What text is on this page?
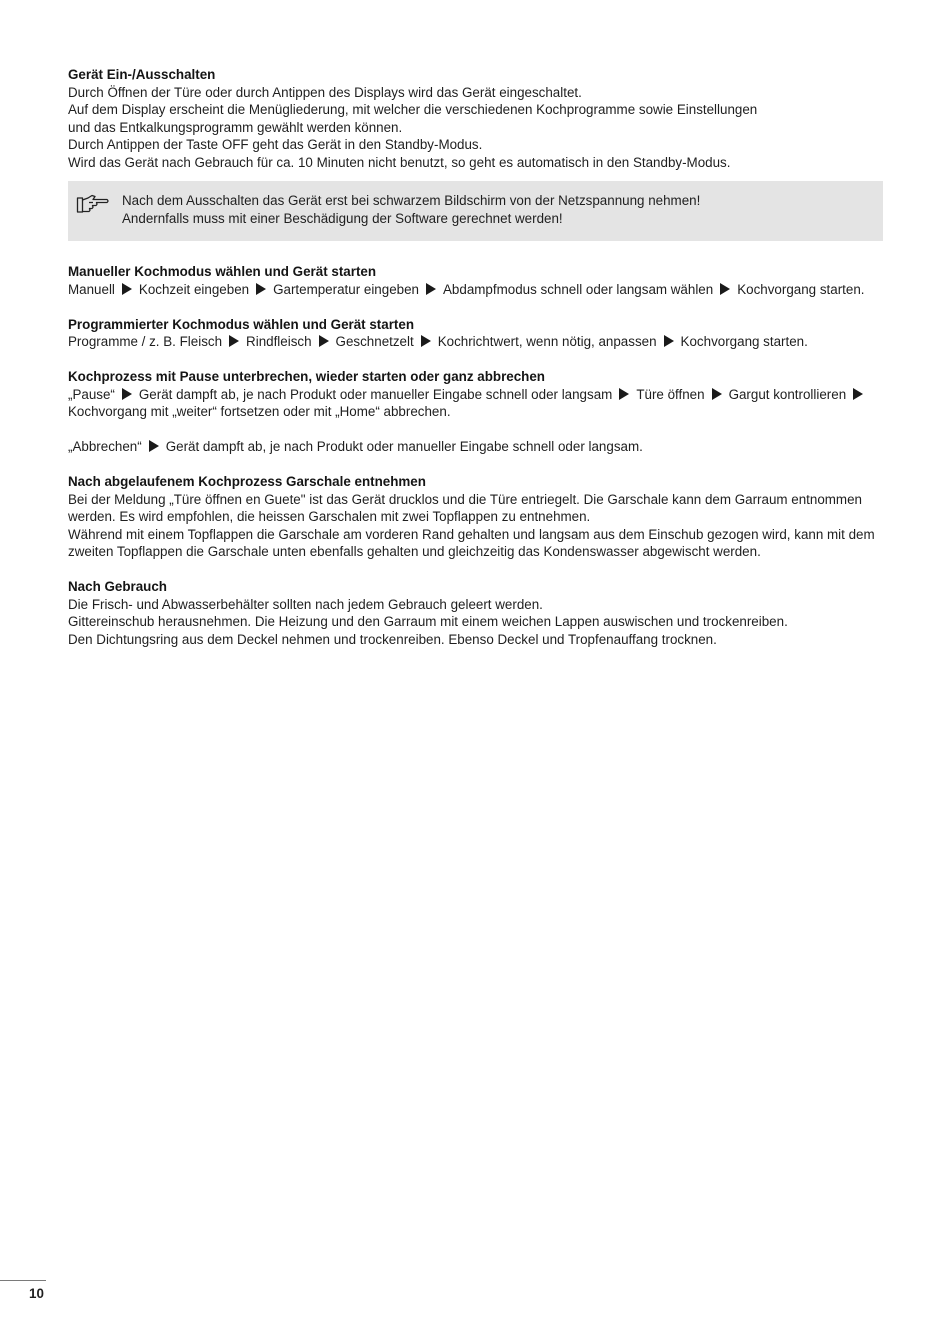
Gerät Ein-/Ausschalten
Durch Öffnen der Türe oder durch Antippen des Displays wird das Gerät eingeschaltet.
Auf dem Display erscheint die Menügliederung, mit welcher die verschiedenen Kochprogramme sowie Einstellungen
und das Entkalkungsprogramm gewählt werden können.
Durch Antippen der Taste OFF geht das Gerät in den Standby-Modus.
Wird das Gerät nach Gebrauch für ca. 10 Minuten nicht benutzt, so geht es automatisch in den Standby-Modus.
Nach dem Ausschalten das Gerät erst bei schwarzem Bildschirm von der Netzspannung nehmen!
Andernfalls muss mit einer Beschädigung der Software gerechnet werden!
Manueller Kochmodus wählen und Gerät starten
Manuell Kochzeit eingeben Gartemperatur eingeben Abdampfmodus schnell oder langsam wählen Kochvorgang starten.
Programmierter Kochmodus wählen und Gerät starten
Programme / z. B. Fleisch Rindfleisch Geschnetzelt Kochrichtwert, wenn nötig, anpassen Kochvorgang starten.
Kochprozess mit Pause unterbrechen, wieder starten oder ganz abbrechen
„Pause“ Gerät dampft ab, je nach Produkt oder manueller Eingabe schnell oder langsam Türe öffnen Gargut kontrollieren
Kochvorgang mit „weiter“ fortsetzen oder mit „Home“ abbrechen.
„Abbrechen“ Gerät dampft ab, je nach Produkt oder manueller Eingabe schnell oder langsam.
Nach abgelaufenem Kochprozess Garschale entnehmen
Bei der Meldung „Türe öffnen en Guete" ist das Gerät drucklos und die Türe entriegelt. Die Garschale kann dem Garraum entnommen werden. Es wird empfohlen, die heissen Garschalen mit zwei Topflappen zu entnehmen.
Während mit einem Topflappen die Garschale am vorderen Rand gehalten und langsam aus dem Einschub gezogen wird, kann mit dem zweiten Topflappen die Garschale unten ebenfalls gehalten und gleichzeitig das Kondenswasser abgewischt werden.
Nach Gebrauch
Die Frisch- und Abwasserbehälter sollten nach jedem Gebrauch geleert werden.
Gittereinschub herausnehmen. Die Heizung und den Garraum mit einem weichen Lappen auswischen und trockenreiben.
Den Dichtungsring aus dem Deckel nehmen und trockenreiben. Ebenso Deckel und Tropfenauffang trocknen.
10
